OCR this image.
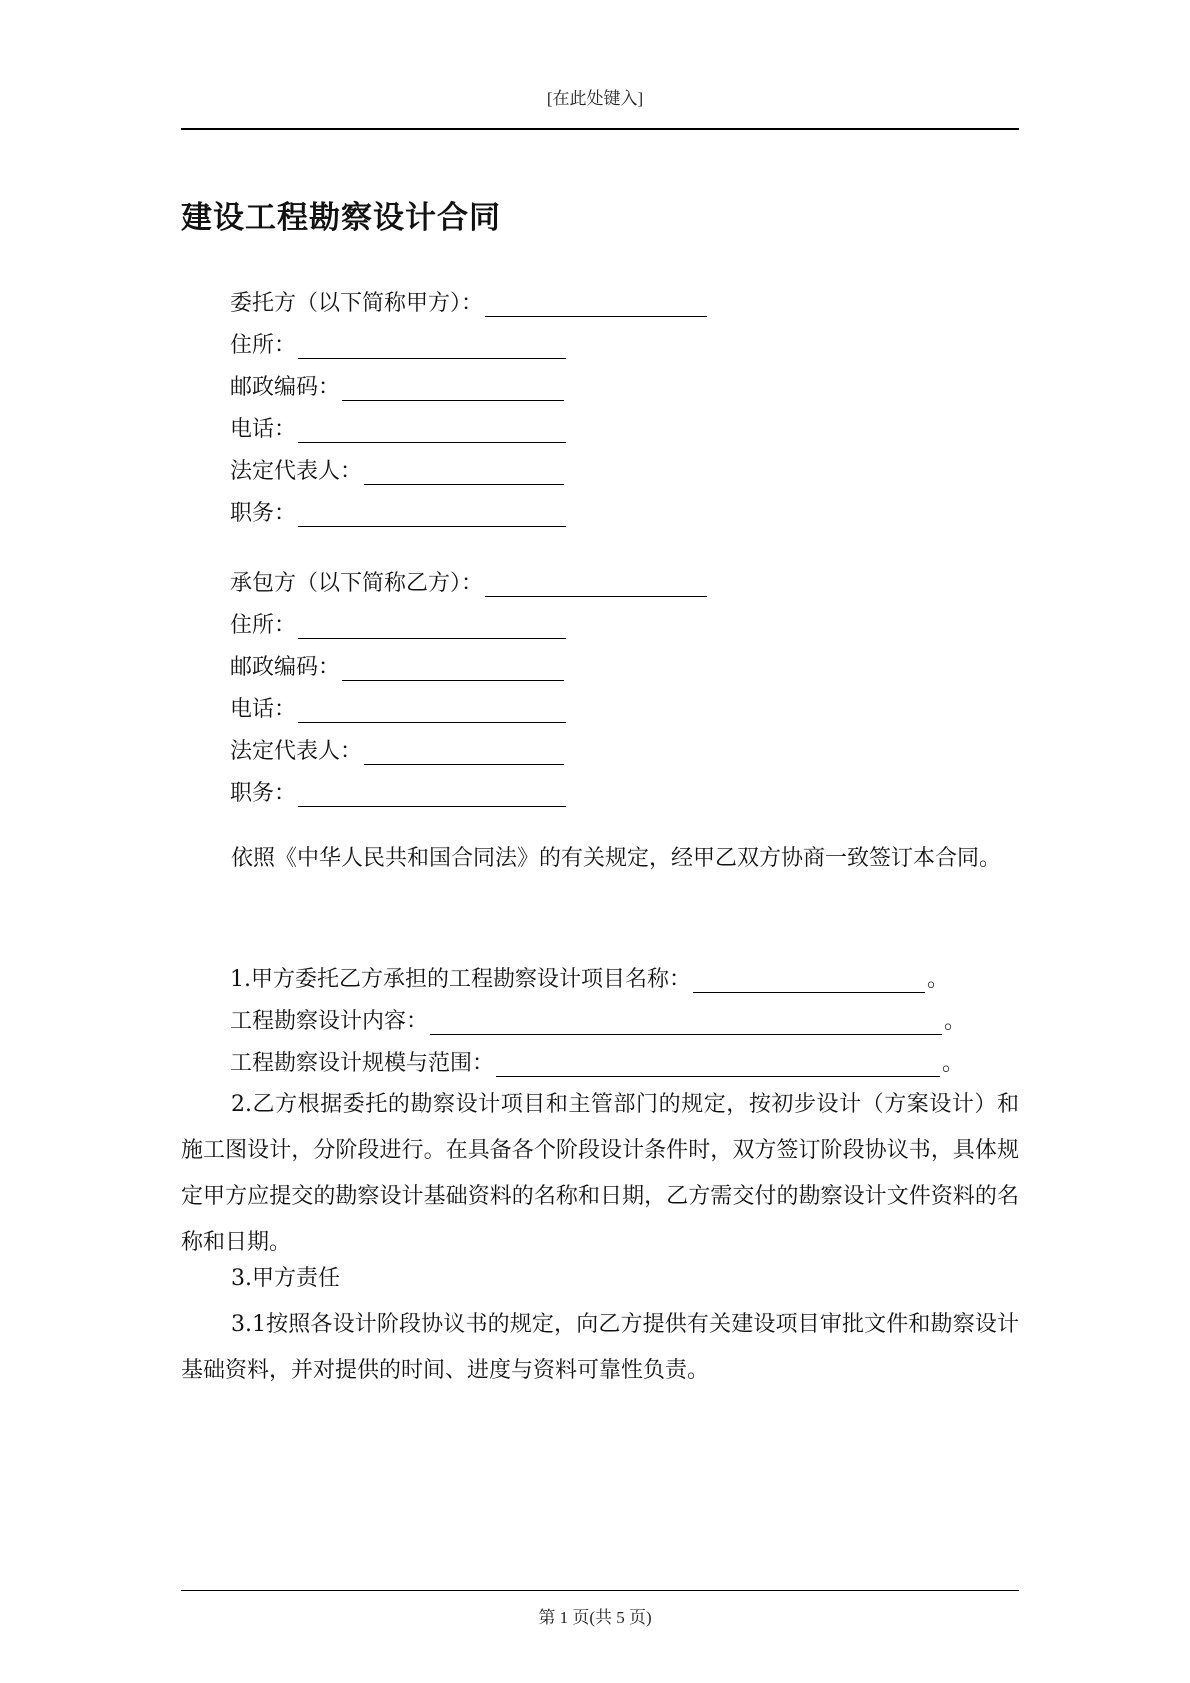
[在此处键入]
建设工程勘察设计合同
委托方（以下简称甲方）：
住所：
邮政编码：
电话：
法定代表人：
职务：
承包方（以下简称乙方）：
住所：
邮政编码：
电话：
法定代表人：
职务：

依照《中华人民共和国合同法》的有关规定，经甲乙双方协商一致签订本合同。

1.甲方委托乙方承担的工程勘察设计项目名称：	。
工程勘察设计内容：	。
工程勘察设计规模与范围：	。

2.乙方根据委托的勘察设计项目和主管部门的规定，按初步设计（方案设计）和施工图设计，分阶段进行。在具备各个阶段设计条件时，双方签订阶段协议书，具体规定甲方应提交的勘察设计基础资料的名称和日期，乙方需交付的勘察设计文件资料的名称和日期。

3.甲方责任

3.1按照各设计阶段协议书的规定，向乙方提供有关建设项目审批文件和勘察设计基础资料，并对提供的时间、进度与资料可靠性负责。

第 1 页(共 5 页)
